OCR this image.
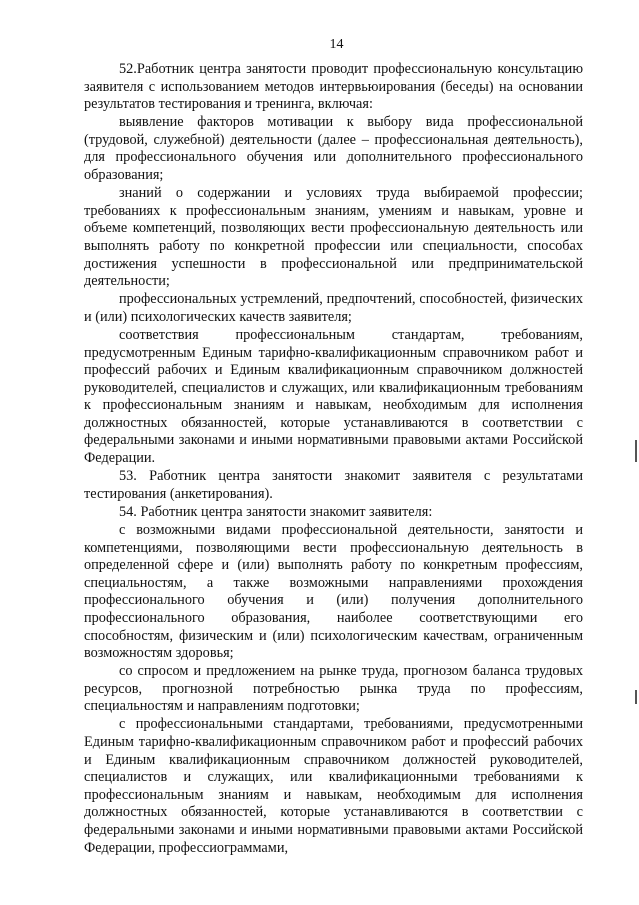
14

52.Работник центра занятости проводит профессиональную консультацию заявителя с использованием методов интервьюирования (беседы) на основании результатов тестирования и тренинга, включая:

выявление факторов мотивации к выбору вида профессиональной (трудовой, служебной) деятельности (далее – профессиональная деятельность), для профессионального обучения или дополнительного профессионального образования;

знаний о содержании и условиях труда выбираемой профессии; требованиях к профессиональным знаниям, умениям и навыкам, уровне и объеме компетенций, позволяющих вести профессиональную деятельность или выполнять работу по конкретной профессии или специальности, способах достижения успешности в профессиональной или предпринимательской деятельности;

профессиональных устремлений, предпочтений, способностей, физических и (или) психологических качеств заявителя;

соответствия профессиональным стандартам, требованиям, предусмотренным Единым тарифно-квалификационным справочником работ и профессий рабочих и Единым квалификационным справочником должностей руководителей, специалистов и служащих, или квалификационным требованиям к профессиональным знаниям и навыкам, необходимым для исполнения должностных обязанностей, которые устанавливаются в соответствии с федеральными законами и иными нормативными правовыми актами Российской Федерации.

53. Работник центра занятости знакомит заявителя с результатами тестирования (анкетирования).

54. Работник центра занятости знакомит заявителя:

с возможными видами профессиональной деятельности, занятости и компетенциями, позволяющими вести профессиональную деятельность в определенной сфере и (или) выполнять работу по конкретным профессиям, специальностям, а также возможными направлениями прохождения профессионального обучения и (или) получения дополнительного профессионального образования, наиболее соответствующими его способностям, физическим и (или) психологическим качествам, ограниченным возможностям здоровья;

со спросом и предложением на рынке труда, прогнозом баланса трудовых ресурсов, прогнозной потребностью рынка труда по профессиям, специальностям и направлениям подготовки;

с профессиональными стандартами, требованиями, предусмотренными Единым тарифно-квалификационным справочником работ и профессий рабочих и Единым квалификационным справочником должностей руководителей, специалистов и служащих, или квалификационными требованиями к профессиональным знаниям и навыкам, необходимым для исполнения должностных обязанностей, которые устанавливаются в соответствии с федеральными законами и иными нормативными правовыми актами Российской Федерации, профессиограммами,
